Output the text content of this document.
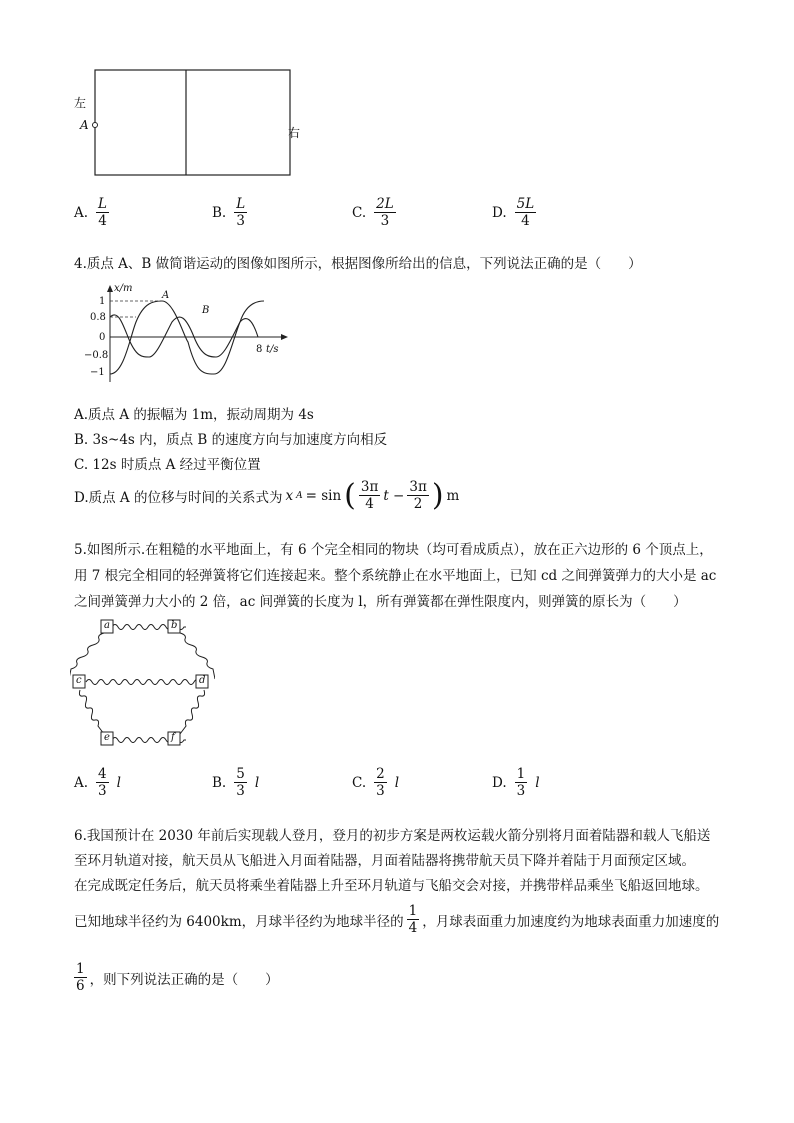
左
A
右
A. $\frac{L}{4}$	B. $\frac{L}{3}$	C. $\frac{2L}{3}$	D. $\frac{5L}{4}$
4.质点 A、B 做简谐运动的图像如图所示，根据图像所给出的信息，下列说法正确的是（　　）
x/m
A
B
1
0.8
0
−0.8
−1
8 t/s
A.质点 A 的振幅为 1m，振动周期为 4s
B. 3s~4s 内，质点 B 的速度方向与加速度方向相反
C. 12s 时质点 A 经过平衡位置
D.质点 A 的位移与时间的关系式为 x A = sin ( $\frac{3\pi}{4}$ $t - \frac{3\pi}{2}$ ) m
5.如图所示.在粗糙的水平地面上，有 6 个完全相同的物块（均可看成质点），放在正六边形的 6 个顶点上，
用 7 根完全相同的轻弹簧将它们连接起来。整个系统静止在水平地面上，已知 cd 之间弹簧弹力的大小是 ac
之间弹簧弹力大小的 2 倍，ac 间弹簧的长度为 l，所有弹簧都在弹性限度内，则弹簧的原长为（　　）
a	b
c	d
e	f
A. $\frac{4}{3}$ l	B. $\frac{5}{3}$ l	C. $\frac{2}{3}$ l	D. $\frac{1}{3}$ l
6.我国预计在 2030 年前后实现载人登月，登月的初步方案是两枚运载火箭分别将月面着陆器和载人飞船送
至环月轨道对接，航天员从飞船进入月面着陆器，月面着陆器将携带航天员下降并着陆于月面预定区域。
在完成既定任务后，航天员将乘坐着陆器上升至环月轨道与飞船交会对接，并携带样品乘坐飞船返回地球。
已知地球半径约为 6400km，月球半径约为地球半径的 $\frac{1}{4}$ ，月球表面重力加速度约为地球表面重力加速度的
$\frac{1}{6}$ ，则下列说法正确的是（　　）
